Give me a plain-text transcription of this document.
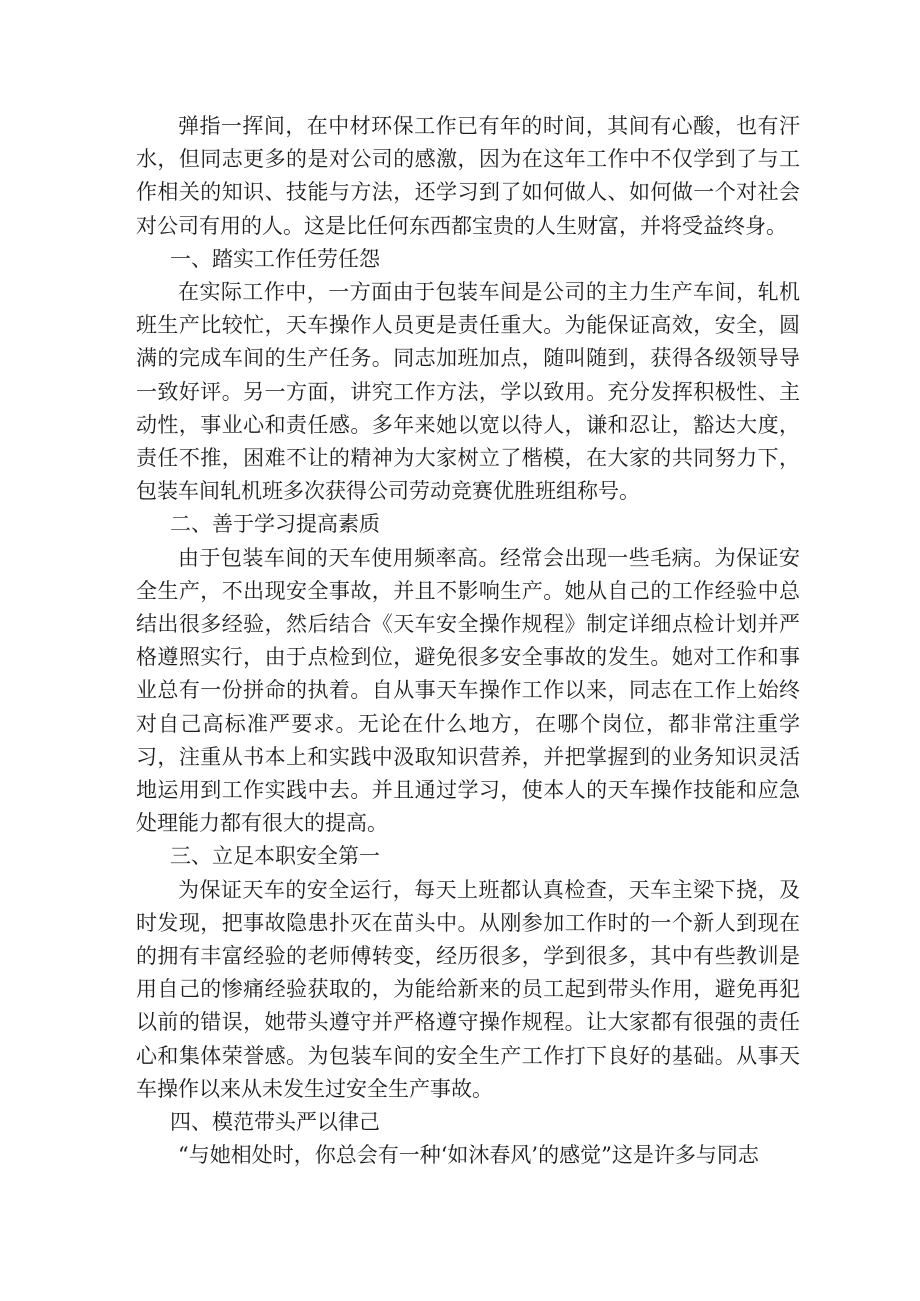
弹指一挥间，在中材环保工作已有年的时间，其间有心酸，也有汗水，但同志更多的是对公司的感激，因为在这年工作中不仅学到了与工作相关的知识、技能与方法，还学习到了如何做人、如何做一个对社会对公司有用的人。这是比任何东西都宝贵的人生财富，并将受益终身。

一、踏实工作任劳任怨

在实际工作中，一方面由于包装车间是公司的主力生产车间，轧机班生产比较忙，天车操作人员更是责任重大。为能保证高效，安全，圆满的完成车间的生产任务。同志加班加点，随叫随到，获得各级领导导一致好评。另一方面，讲究工作方法，学以致用。充分发挥积极性、主动性，事业心和责任感。多年来她以宽以待人，谦和忍让，豁达大度，责任不推，困难不让的精神为大家树立了楷模，在大家的共同努力下，包装车间轧机班多次获得公司劳动竞赛优胜班组称号。

二、善于学习提高素质

由于包装车间的天车使用频率高。经常会出现一些毛病。为保证安全生产，不出现安全事故，并且不影响生产。她从自己的工作经验中总结出很多经验，然后结合《天车安全操作规程》制定详细点检计划并严格遵照实行，由于点检到位，避免很多安全事故的发生。她对工作和事业总有一份拼命的执着。自从事天车操作工作以来，同志在工作上始终对自己高标准严要求。无论在什么地方，在哪个岗位，都非常注重学习，注重从书本上和实践中汲取知识营养，并把掌握到的业务知识灵活地运用到工作实践中去。并且通过学习，使本人的天车操作技能和应急处理能力都有很大的提高。

三、立足本职安全第一

为保证天车的安全运行，每天上班都认真检查，天车主梁下挠，及时发现，把事故隐患扑灭在苗头中。从刚参加工作时的一个新人到现在的拥有丰富经验的老师傅转变，经历很多，学到很多，其中有些教训是用自己的惨痛经验获取的，为能给新来的员工起到带头作用，避免再犯以前的错误，她带头遵守并严格遵守操作规程。让大家都有很强的责任心和集体荣誉感。为包装车间的安全生产工作打下良好的基础。从事天车操作以来从未发生过安全生产事故。

四、模范带头严以律己

“与她相处时，你总会有一种‘如沐春风’的感觉”这是许多与同志
